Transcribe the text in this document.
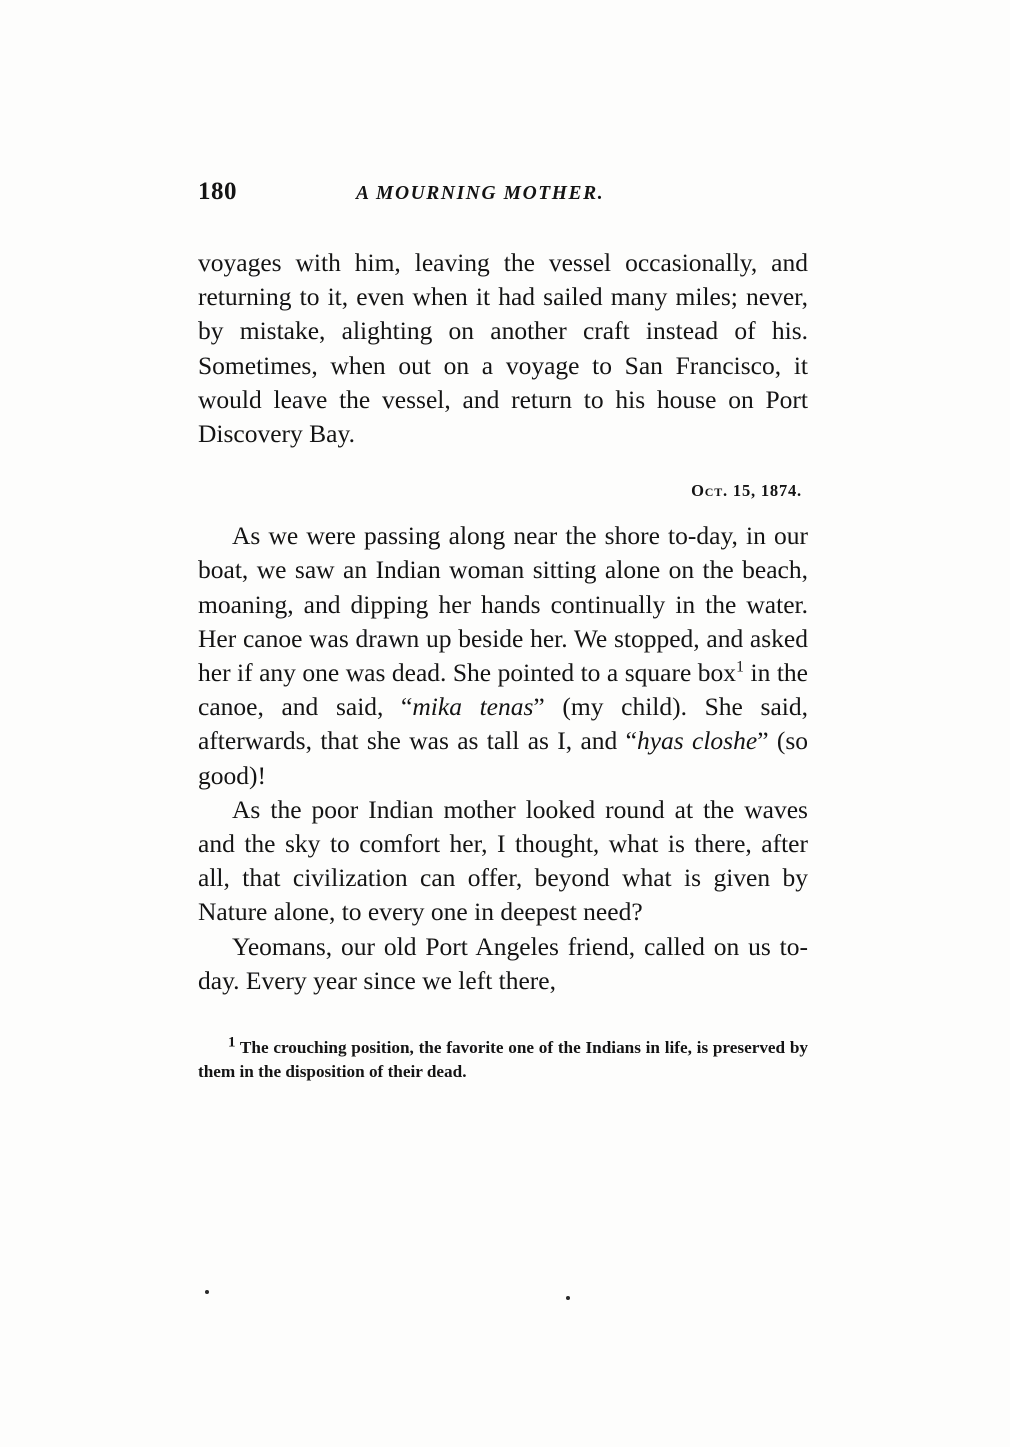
180	A MOURNING MOTHER.

voyages with him, leaving the vessel occasionally, and returning to it, even when it had sailed many miles; never, by mistake, alighting on another craft instead of his. Sometimes, when out on a voyage to San Francisco, it would leave the vessel, and return to his house on Port Discovery Bay.

Oct. 15, 1874.

As we were passing along near the shore to-day, in our boat, we saw an Indian woman sitting alone on the beach, moaning, and dipping her hands continually in the water. Her canoe was drawn up beside her. We stopped, and asked her if any one was dead. She pointed to a square box$^1$ in the canoe, and said, “mika tenas” (my child). She said, afterwards, that she was as tall as I, and “hyas closhe” (so good)!

As the poor Indian mother looked round at the waves and the sky to comfort her, I thought, what is there, after all, that civilization can offer, beyond what is given by Nature alone, to every one in deepest need?

Yeomans, our old Port Angeles friend, called on us to-day. Every year since we left there,

1 The crouching position, the favorite one of the Indians in life, is preserved by them in the disposition of their dead.
